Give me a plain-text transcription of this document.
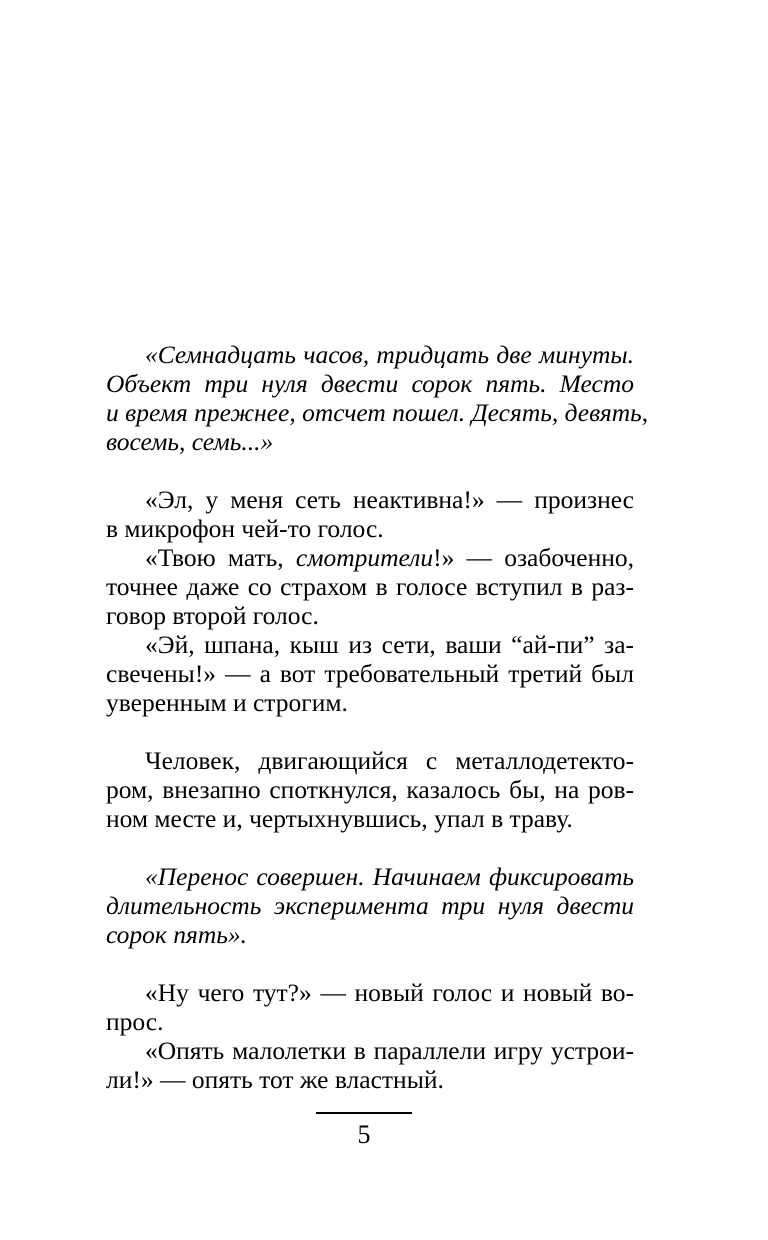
«Семнадцать часов, тридцать две минуты.
Объект три нуля двести сорок пять. Место
и время прежнее, отсчет пошел. Десять, девять,
восемь, семь...»
«Эл, у меня сеть неактивна!» — произнес
в микрофон чей-то голос.
«Твою мать, смотрители!» — озабоченно,
точнее даже со страхом в голосе вступил в раз-
говор второй голос.
«Эй, шпана, кыш из сети, ваши “ай-пи” за-
свечены!» — а вот требовательный третий был
уверенным и строгим.
Человек, двигающийся с металлодетекто-
ром, внезапно споткнулся, казалось бы, на ров-
ном месте и, чертыхнувшись, упал в траву.
«Перенос совершен. Начинаем фиксировать
длительность эксперимента три нуля двести
сорок пять».
«Ну чего тут?» — новый голос и новый во-
прос.
«Опять малолетки в параллели игру устрои-
ли!» — опять тот же властный.
5
